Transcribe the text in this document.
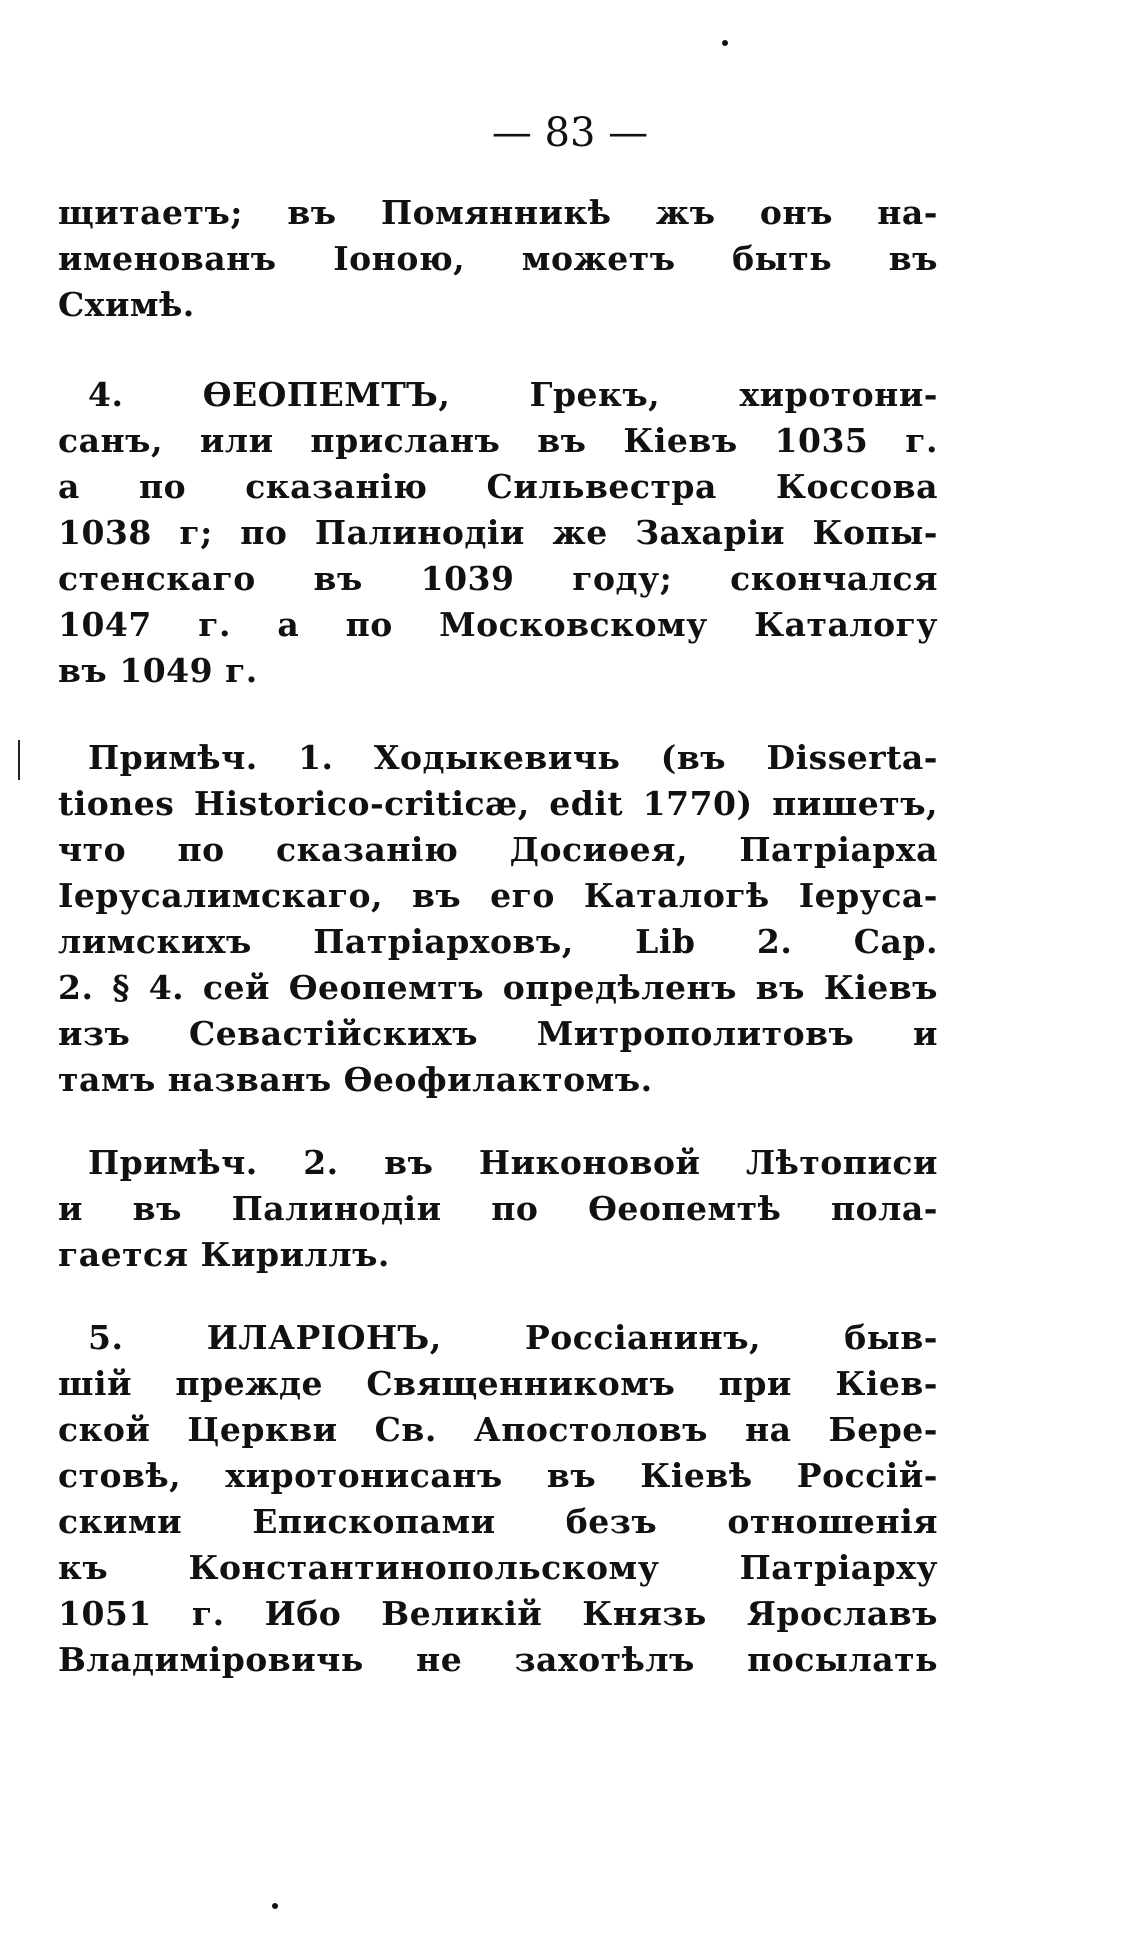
— 83 —
щитаетъ; въ Помянникѣ жъ онъ на-
именованъ Іоною, можетъ быть въ
Схимѣ.
4. ѲЕОПЕМТЪ, Грекъ, хиротони-
санъ, или присланъ въ Кіевъ 1035 г.
а по сказанію Сильвестра Коссова
1038 г; по Палинодіи же Захаріи Копы-
стенскаго въ 1039 году; скончался
1047 г. а по Московскому Каталогу
въ 1049 г.
Примѣч. 1. Ходыкевичь (въ Disserta-
tiones Historico-criticæ, edit 1770) пишетъ,
что по сказанію Досиѳея, Патріарха
Іерусалимскаго, въ его Каталогѣ Іеруса-
лимскихъ Патріарховъ, Lib 2. Cap.
2. § 4. сей Ѳеопемтъ опредѣленъ въ Кіевъ
изъ Севастійскихъ Митрополитовъ и
тамъ названъ Ѳеофилактомъ.
Примѣч. 2. въ Никоновой Лѣтописи
и въ Палинодіи по Ѳеопемтѣ пола-
гается Кириллъ.
5. ИЛАРІОНЪ, Россіанинъ, быв-
шій прежде Священникомъ при Кіев-
ской Церкви Св. Апостоловъ на Бере-
стовѣ, хиротонисанъ въ Кіевѣ Россій-
скими Епископами безъ отношенія
къ Константинопольскому Патріарху
1051 г. Ибо Великій Князь Ярославъ
Владиміровичь не захотѣлъ посылать
